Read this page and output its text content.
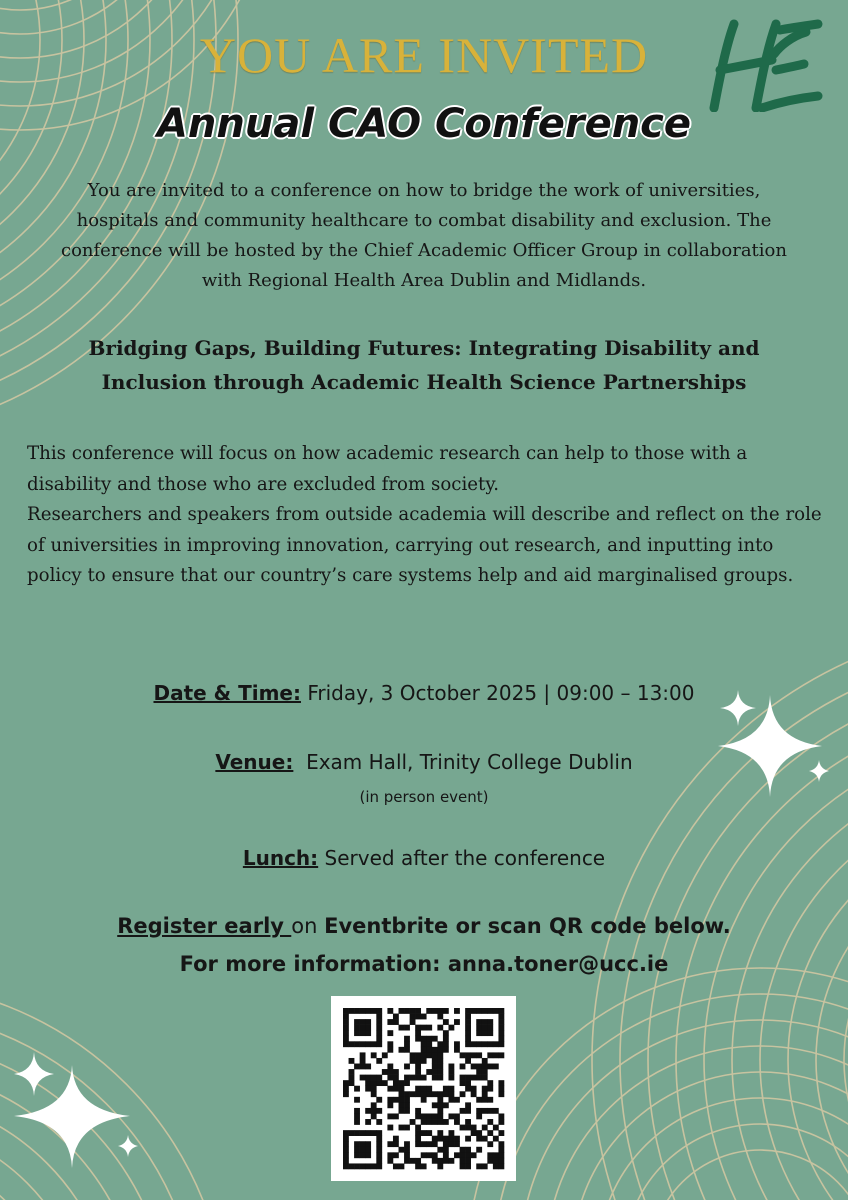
YOU ARE INVITED
Annual CAO Conference
You are invited to a conference on how to bridge the work of universities, hospitals and community healthcare to combat disability and exclusion. The conference will be hosted by the Chief Academic Officer Group in collaboration with Regional Health Area Dublin and Midlands.
Bridging Gaps, Building Futures: Integrating Disability and Inclusion through Academic Health Science Partnerships

This conference will focus on how academic research can help to those with a disability and those who are excluded from society.

Researchers and speakers from outside academia will describe and reflect on the role of universities in improving innovation, carrying out research, and inputting into policy to ensure that our country’s care systems help and aid marginalised groups.

Date & Time: Friday, 3 October 2025 | 09:00 – 13:00
Venue:  Exam Hall, Trinity College Dublin
(in person event)
Lunch: Served after the conference
Register early on Eventbrite or scan QR code below.
For more information: anna.toner@ucc.ie
